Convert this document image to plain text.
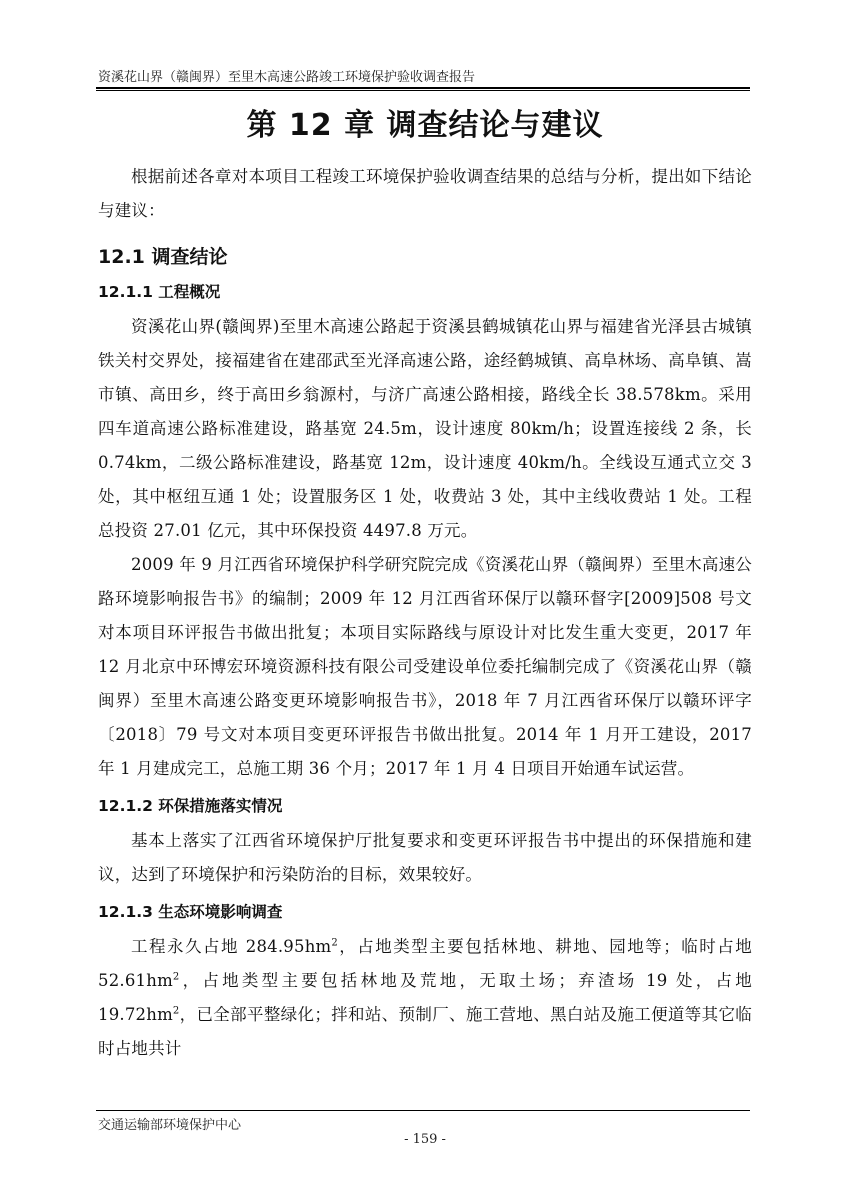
资溪花山界（赣闽界）至里木高速公路竣工环境保护验收调查报告
第 12 章 调查结论与建议

根据前述各章对本项目工程竣工环境保护验收调查结果的总结与分析，提出如下结论与建议：

12.1 调查结论
12.1.1 工程概况

资溪花山界(赣闽界)至里木高速公路起于资溪县鹤城镇花山界与福建省光泽县古城镇铁关村交界处，接福建省在建邵武至光泽高速公路，途经鹤城镇、高阜林场、高阜镇、嵩市镇、高田乡，终于高田乡翁源村，与济广高速公路相接，路线全长 38.578km。采用四车道高速公路标准建设，路基宽 24.5m，设计速度 80km/h；设置连接线 2 条，长 0.74km，二级公路标准建设，路基宽 12m，设计速度 40km/h。全线设互通式立交 3 处，其中枢纽互通 1 处；设置服务区 1 处，收费站 3 处，其中主线收费站 1 处。工程总投资 27.01 亿元，其中环保投资 4497.8 万元。

2009 年 9 月江西省环境保护科学研究院完成《资溪花山界（赣闽界）至里木高速公路环境影响报告书》的编制；2009 年 12 月江西省环保厅以赣环督字[2009]508 号文对本项目环评报告书做出批复；本项目实际路线与原设计对比发生重大变更，2017 年 12 月北京中环博宏环境资源科技有限公司受建设单位委托编制完成了《资溪花山界（赣闽界）至里木高速公路变更环境影响报告书》，2018 年 7 月江西省环保厅以赣环评字〔2018〕79 号文对本项目变更环评报告书做出批复。2014 年 1 月开工建设，2017 年 1 月建成完工，总施工期 36 个月；2017 年 1 月 4 日项目开始通车试运营。

12.1.2 环保措施落实情况

基本上落实了江西省环境保护厅批复要求和变更环评报告书中提出的环保措施和建议，达到了环境保护和污染防治的目标，效果较好。

12.1.3 生态环境影响调查

工程永久占地 $284.95hm^2$，占地类型主要包括林地、耕地、园地等；临时占地 $52.61hm^2$，占地类型主要包括林地及荒地，无取土场；弃渣场 19 处，占地 $19.72hm^2$，已全部平整绿化；拌和站、预制厂、施工营地、黑白站及施工便道等其它临时占地共计

交通运输部环境保护中心
- 159 -
